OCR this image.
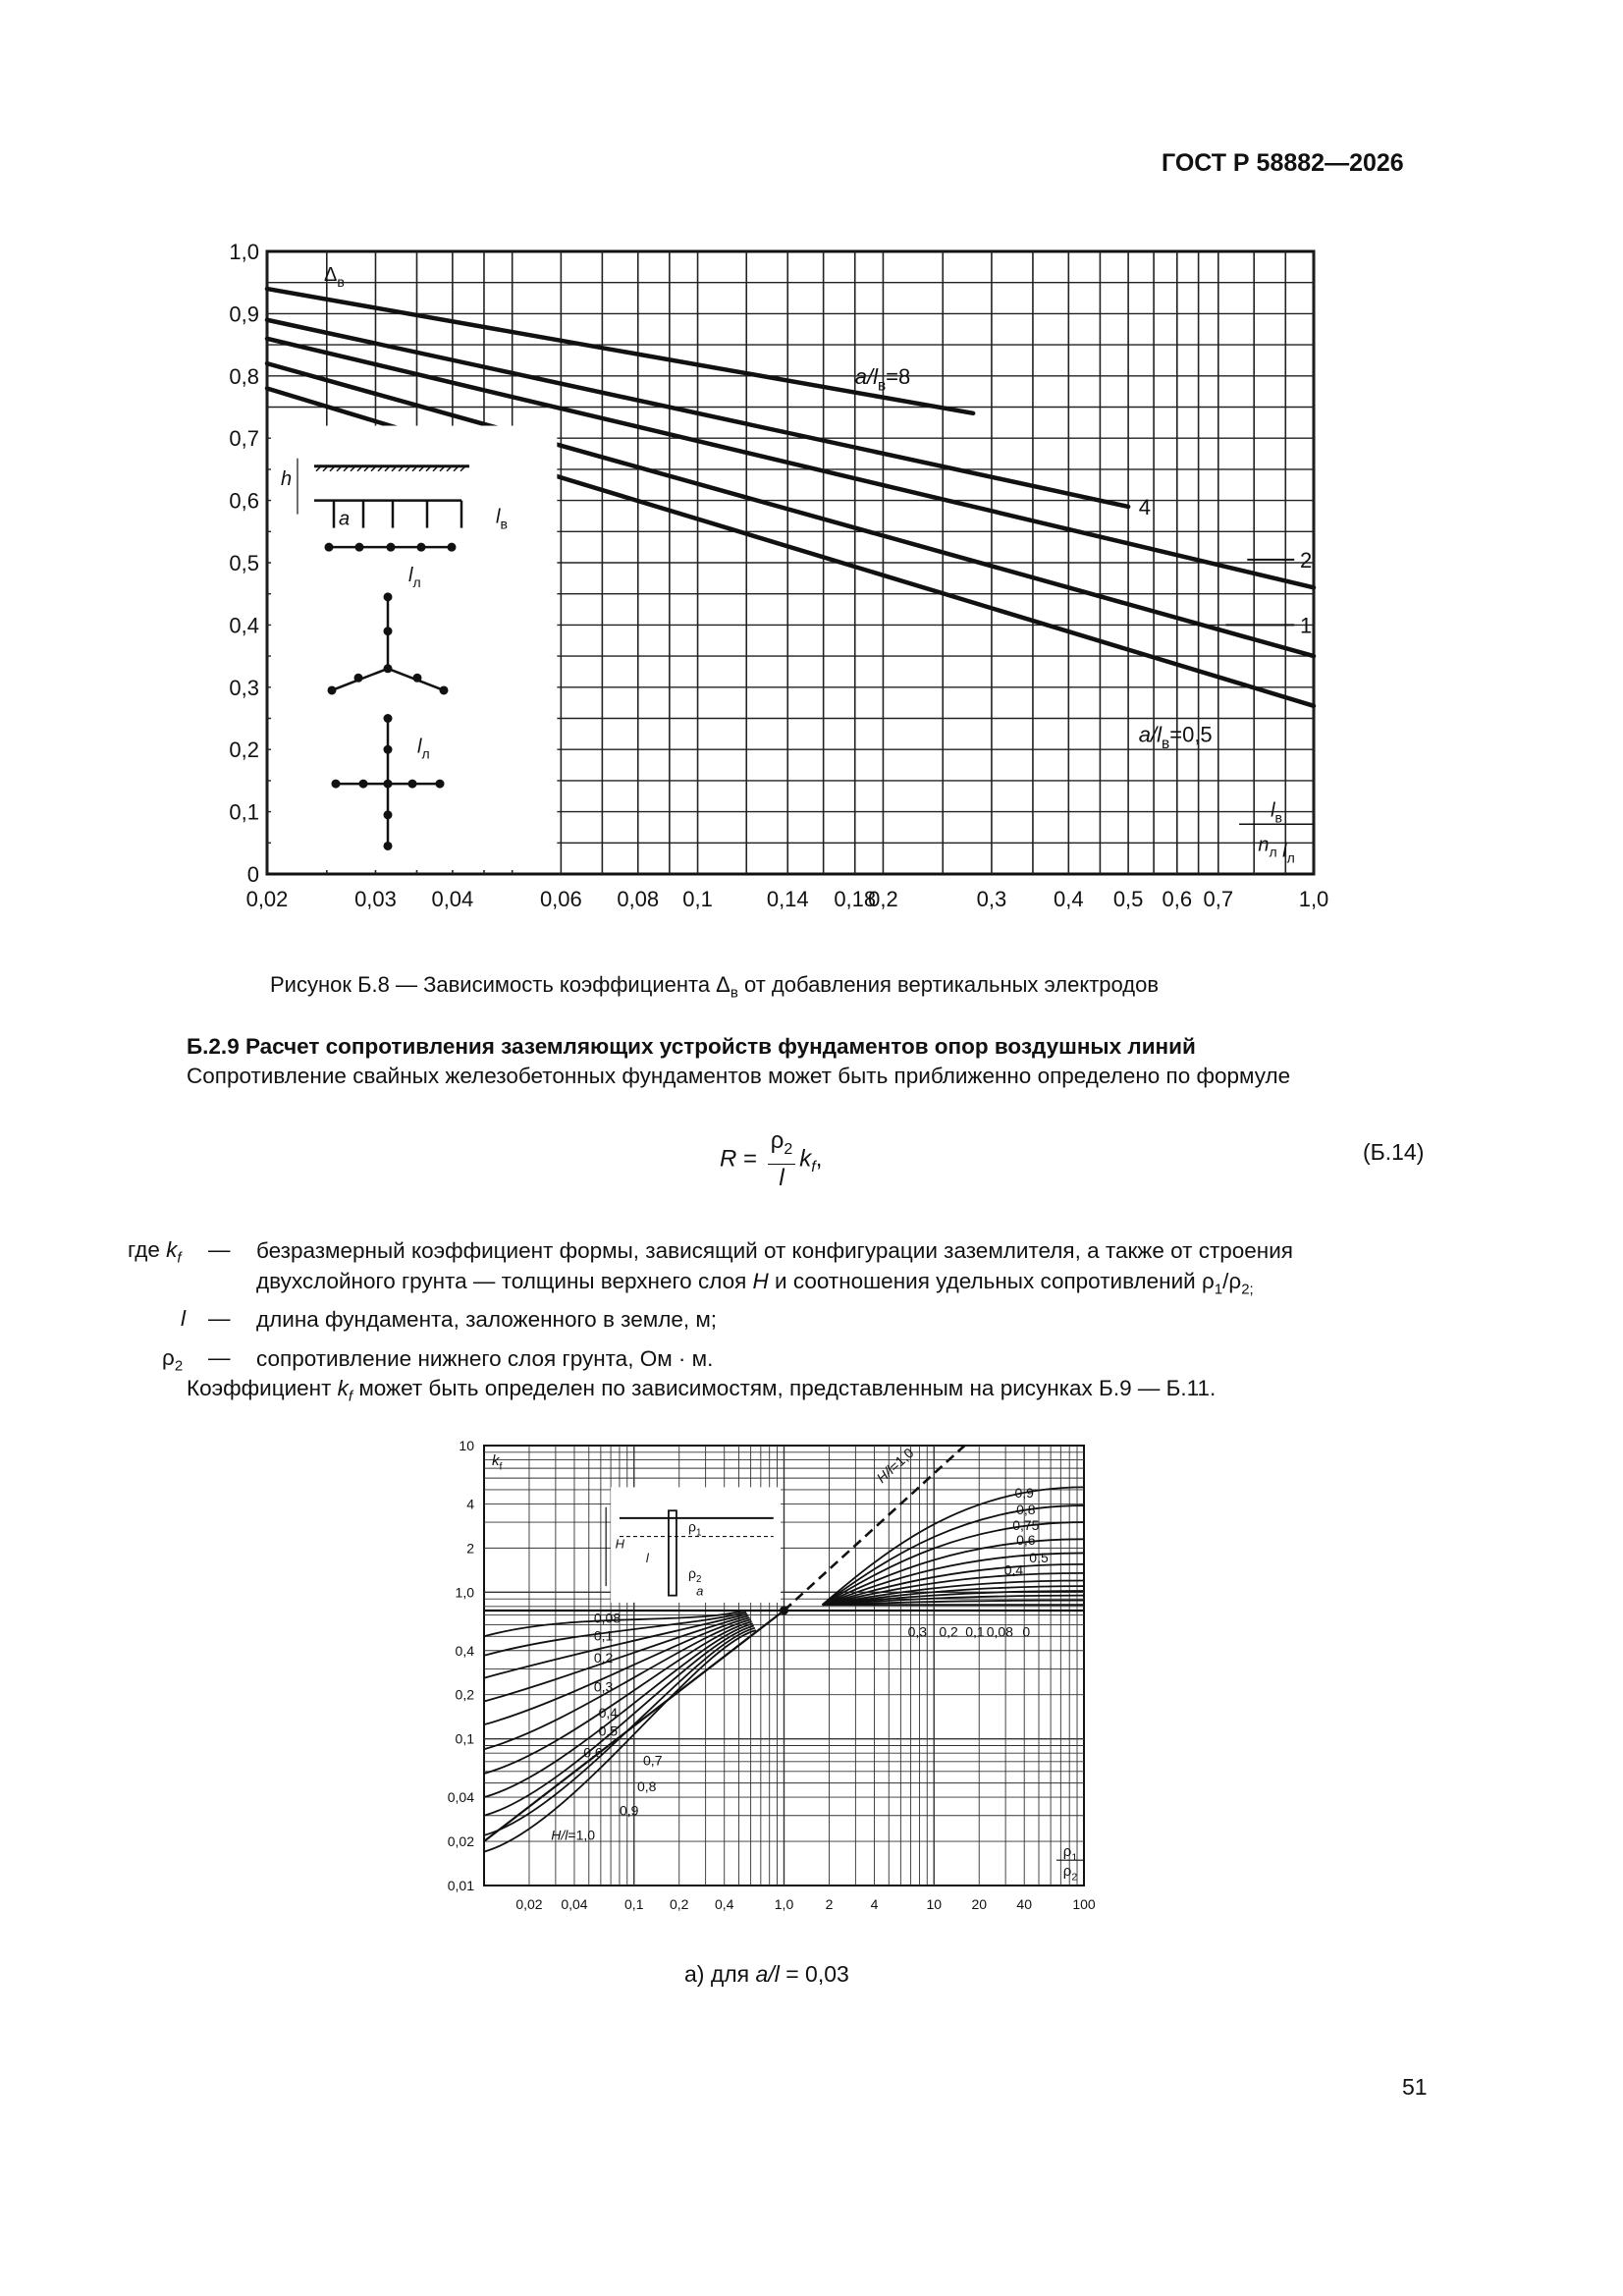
ГОСТ Р 58882—2026
0,02	0,03 0,04	0,06 0,08 0,1 0,14 0,18
0,2	0,3 0,4 0,5 0,6 0,7	1,0
0
0,1
0,2
0,3
0,4
0,5
0,6
0,7
0,8
0,9
1,0
$\Delta_в$
$a/l_в=8$
4
2
1
$a/l_в=0,5$
$l_в$
$n_л$ $l_л$
h
a	$l_в$
$l_л$
$l_л$
Рисунок Б.8 — Зависимость коэффициента $\Delta_в$ от добавления вертикальных электродов
Б.2.9 Расчет сопротивления заземляющих устройств фундаментов опор воздушных линий
Сопротивление свайных железобетонных фундаментов может быть приближенно определено по формуле
$R = \frac{\rho_2}{l} k_f$,	(Б.14)
где $k_f$ — безразмерный коэффициент формы, зависящий от конфигурации заземлителя, а также от строения
двухслойного грунта — толщины верхнего слоя H и соотношения удельных сопротивлений $\rho_1/\rho_{2;}$
l — длина фундамента, заложенного в земле, м;
$\rho_2$ — сопротивление нижнего слоя грунта, Ом · м.
Коэффициент $k_f$ может быть определен по зависимостям, представленным на рисунках Б.9 — Б.11.
0,02 0,04	0,1 0,2 0,4	1,0 2	4	10 20 40	100
0,01
0,02
0,04
0,1
0,2
0,4
1,0
2
4
10
$k_f$
$\rho_1$
$\rho_2$
H/l=1,0
0,08
0,1
0,2
0,3
0,4
0,5
0,6
0,7
0,8
0,9
H/l=1,0
0,9
0,8
0,75
0,6
0,5
0,4
0,3 0,2 0,1 0,08 0
H
l
$\rho_1$
$\rho_2$
a
а) для a/l = 0,03
51
